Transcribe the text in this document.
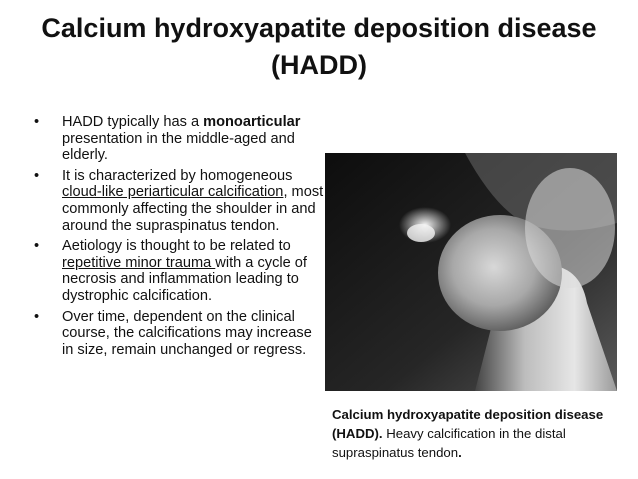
Calcium hydroxyapatite deposition disease
(HADD)
• HADD typically has a monoarticular presentation in the middle-aged and elderly.
• It is characterized by homogeneous cloud-like periarticular calcification, most commonly affecting the shoulder in and around the supraspinatus tendon.
• Aetiology is thought to be related to repetitive minor trauma with a cycle of necrosis and inflammation leading to dystrophic calcification.
• Over time, dependent on the clinical course, the calcifications may increase in size, remain unchanged or regress.
Calcium hydroxyapatite deposition disease (HADD). Heavy calcification in the distal supraspinatus tendon.
